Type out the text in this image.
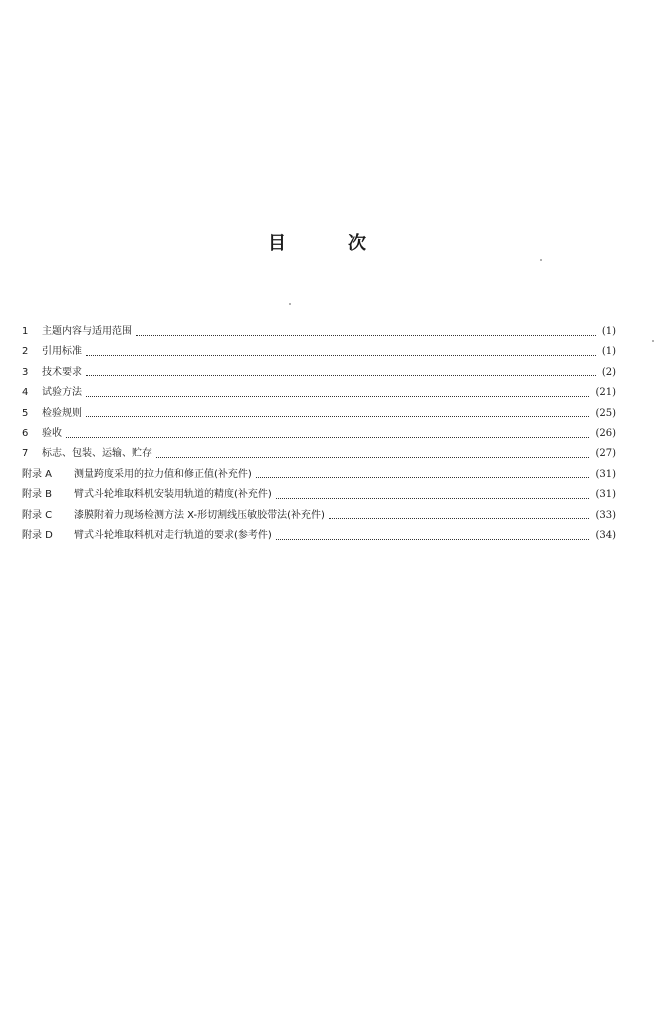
目	次
1	主题内容与适用范围	(1)
2	引用标准	(1)
3	技术要求	(2)
4	试验方法	(21)
5	检验规则	(25)
6	验收	(26)
7	标志、包装、运输、贮存	(27)
附录 A	测量跨度采用的拉力值和修正值(补充件)	(31)
附录 B	臂式斗轮堆取料机安装用轨道的精度(补充件)	(31)
附录 C	漆膜附着力现场检测方法 X-形切割线压敏胶带法(补充件)	(33)
附录 D	臂式斗轮堆取料机对走行轨道的要求(参考件)	(34)
